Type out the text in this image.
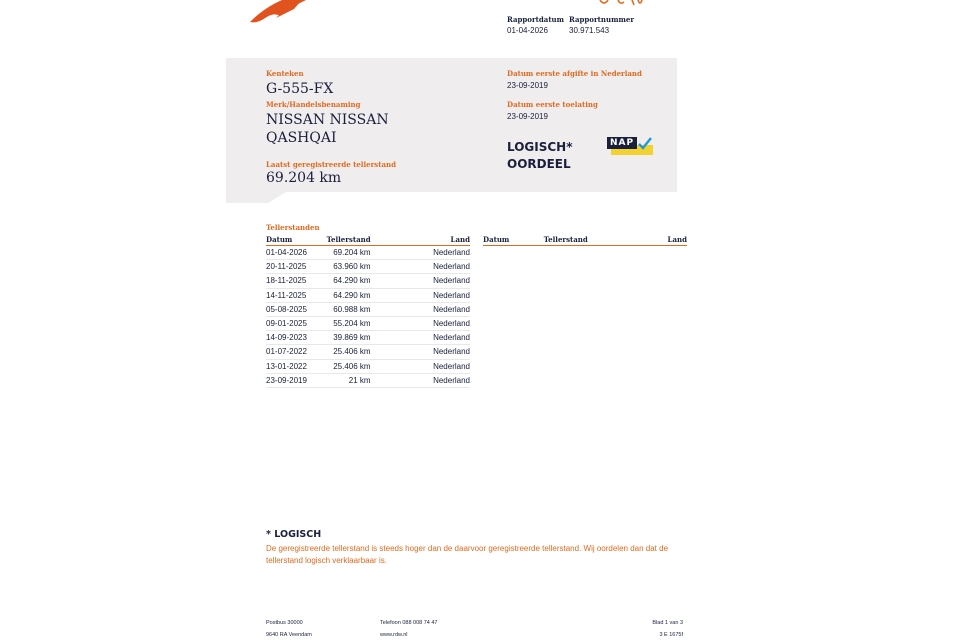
Rapportdatum
01-04-2026
Rapportnummer
30.971.543
Kenteken
G-555-FX
Merk/Handelsbenaming
NISSAN NISSAN
QASHQAI
Laatst geregistreerde tellerstand
69.204 km
Datum eerste afgifte in Nederland
23-09-2019
Datum eerste toelating
23-09-2019
LOGISCH*
OORDEEL
NAP
Tellerstanden
Datum	Tellerstand	Land
01-04-2026	69.204 km	Nederland
20-11-2025	63.960 km	Nederland
18-11-2025	64.290 km	Nederland
14-11-2025	64.290 km	Nederland
05-08-2025	60.988 km	Nederland
09-01-2025	55.204 km	Nederland
14-09-2023	39.869 km	Nederland
01-07-2022	25.406 km	Nederland
13-01-2022	25.406 km	Nederland
23-09-2019	21 km	Nederland
Datum	Tellerstand	Land
* LOGISCH
De geregistreerde tellerstand is steeds hoger dan de daarvoor geregistreerde tellerstand. Wij oordelen dan dat de
tellerstand logisch verklaarbaar is.
Postbus 30000
9640 RA Veendam
Telefoon 088 008 74 47
www.rdw.nl
Blad 1 van 3
3 E 1675f
